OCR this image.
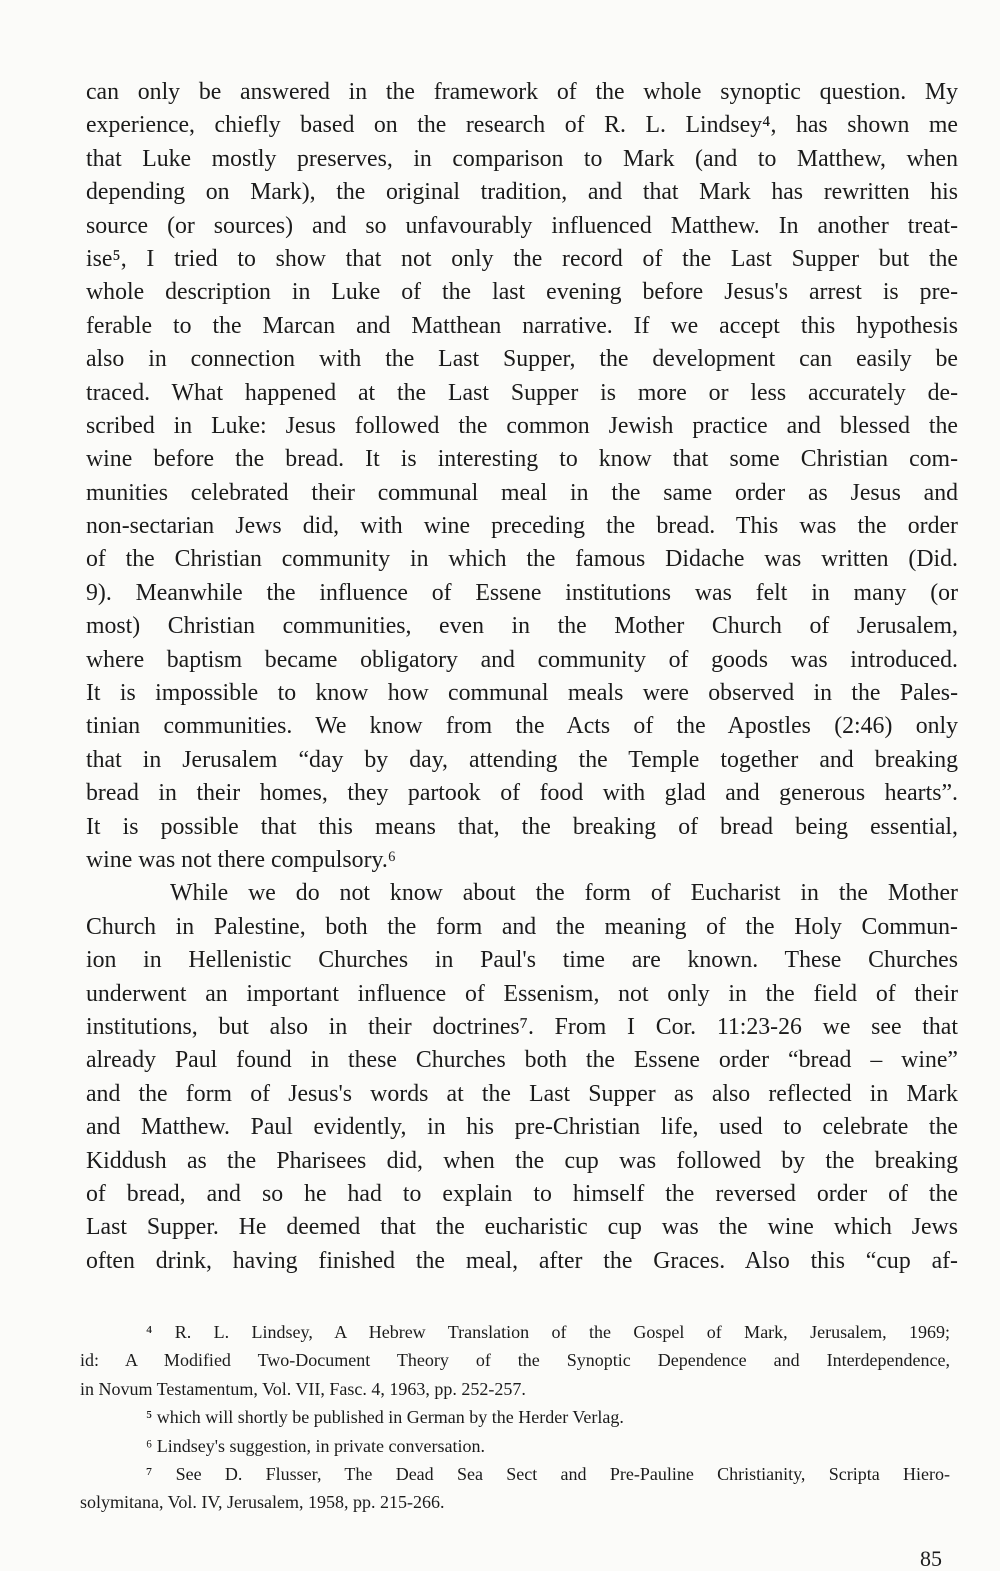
can only be answered in the framework of the whole synoptic question. My
experience, chiefly based on the research of R. L. Lindsey⁴, has shown me
that Luke mostly preserves, in comparison to Mark (and to Matthew, when
depending on Mark), the original tradition, and that Mark has rewritten his
source (or sources) and so unfavourably influenced Matthew. In another treat-
ise⁵, I tried to show that not only the record of the Last Supper but the
whole description in Luke of the last evening before Jesus's arrest is pre-
ferable to the Marcan and Matthean narrative. If we accept this hypothesis
also in connection with the Last Supper, the development can easily be
traced. What happened at the Last Supper is more or less accurately de-
scribed in Luke: Jesus followed the common Jewish practice and blessed the
wine before the bread. It is interesting to know that some Christian com-
munities celebrated their communal meal in the same order as Jesus and
non-sectarian Jews did, with wine preceding the bread. This was the order
of the Christian community in which the famous Didache was written (Did.
9). Meanwhile the influence of Essene institutions was felt in many (or
most) Christian communities, even in the Mother Church of Jerusalem,
where baptism became obligatory and community of goods was introduced.
It is impossible to know how communal meals were observed in the Pales-
tinian communities. We know from the Acts of the Apostles (2:46) only
that in Jerusalem “day by day, attending the Temple together and breaking
bread in their homes, they partook of food with glad and generous hearts”.
It is possible that this means that, the breaking of bread being essential,
wine was not there compulsory.⁶
While we do not know about the form of Eucharist in the Mother
Church in Palestine, both the form and the meaning of the Holy Commun-
ion in Hellenistic Churches in Paul's time are known. These Churches
underwent an important influence of Essenism, not only in the field of their
institutions, but also in their doctrines⁷. From I Cor. 11:23-26 we see that
already Paul found in these Churches both the Essene order “bread – wine”
and the form of Jesus's words at the Last Supper as also reflected in Mark
and Matthew. Paul evidently, in his pre-Christian life, used to celebrate the
Kiddush as the Pharisees did, when the cup was followed by the breaking
of bread, and so he had to explain to himself the reversed order of the
Last Supper. He deemed that the eucharistic cup was the wine which Jews
often drink, having finished the meal, after the Graces. Also this “cup af-
⁴ R. L. Lindsey, A Hebrew Translation of the Gospel of Mark, Jerusalem, 1969;
id: A Modified Two-Document Theory of the Synoptic Dependence and Interdependence,
in Novum Testamentum, Vol. VII, Fasc. 4, 1963, pp. 252-257.
⁵ which will shortly be published in German by the Herder Verlag.
⁶ Lindsey's suggestion, in private conversation.
⁷ See D. Flusser, The Dead Sea Sect and Pre-Pauline Christianity, Scripta Hiero-
solymitana, Vol. IV, Jerusalem, 1958, pp. 215-266.
85
